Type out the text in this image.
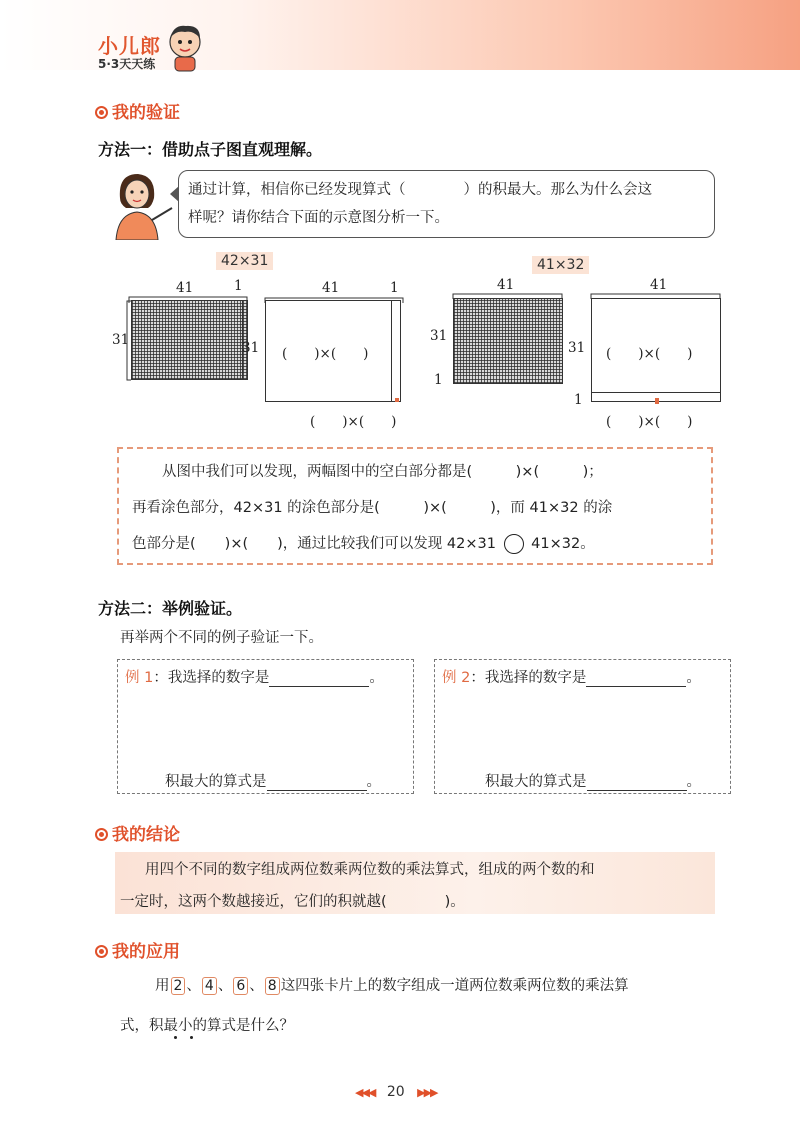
小儿郎
5·3天天练
我的验证
方法一：借助点子图直观理解。
通过计算，相信你已经发现算式（　　　　）的积最大。那么为什么会这
样呢？请你结合下面的示意图分析一下。
42×31
41	1
31
41	1
31 (　　)×(　　)
(　　)×(　　)
41×32
41
31
1
41
31
1
(　　)×(　　)
(　　)×(　　)
从图中我们可以发现，两幅图中的空白部分都是(　　　)×(　　　)；
再看涂色部分，42×31 的涂色部分是(　　　)×(　　　)，而 41×32 的涂
色部分是(　　)×(　　)，通过比较我们可以发现 42×31 41×32。
方法二：举例验证。
再举两个不同的例子验证一下。
例 1：我选择的数字是	。
积最大的算式是	。
例 2：我选择的数字是	。
积最大的算式是	。
我的结论
用四个不同的数字组成两位数乘两位数的乘法算式，组成的两个数的和
一定时，这两个数越接近，它们的积就越(　　　　)。
我的应用
用 2 、 4 、 6 、 8 这四张卡片上的数字组成一道两位数乘两位数的乘法算
式，积最小的算式是什么？
◀◀◀ 20 ▶▶▶
